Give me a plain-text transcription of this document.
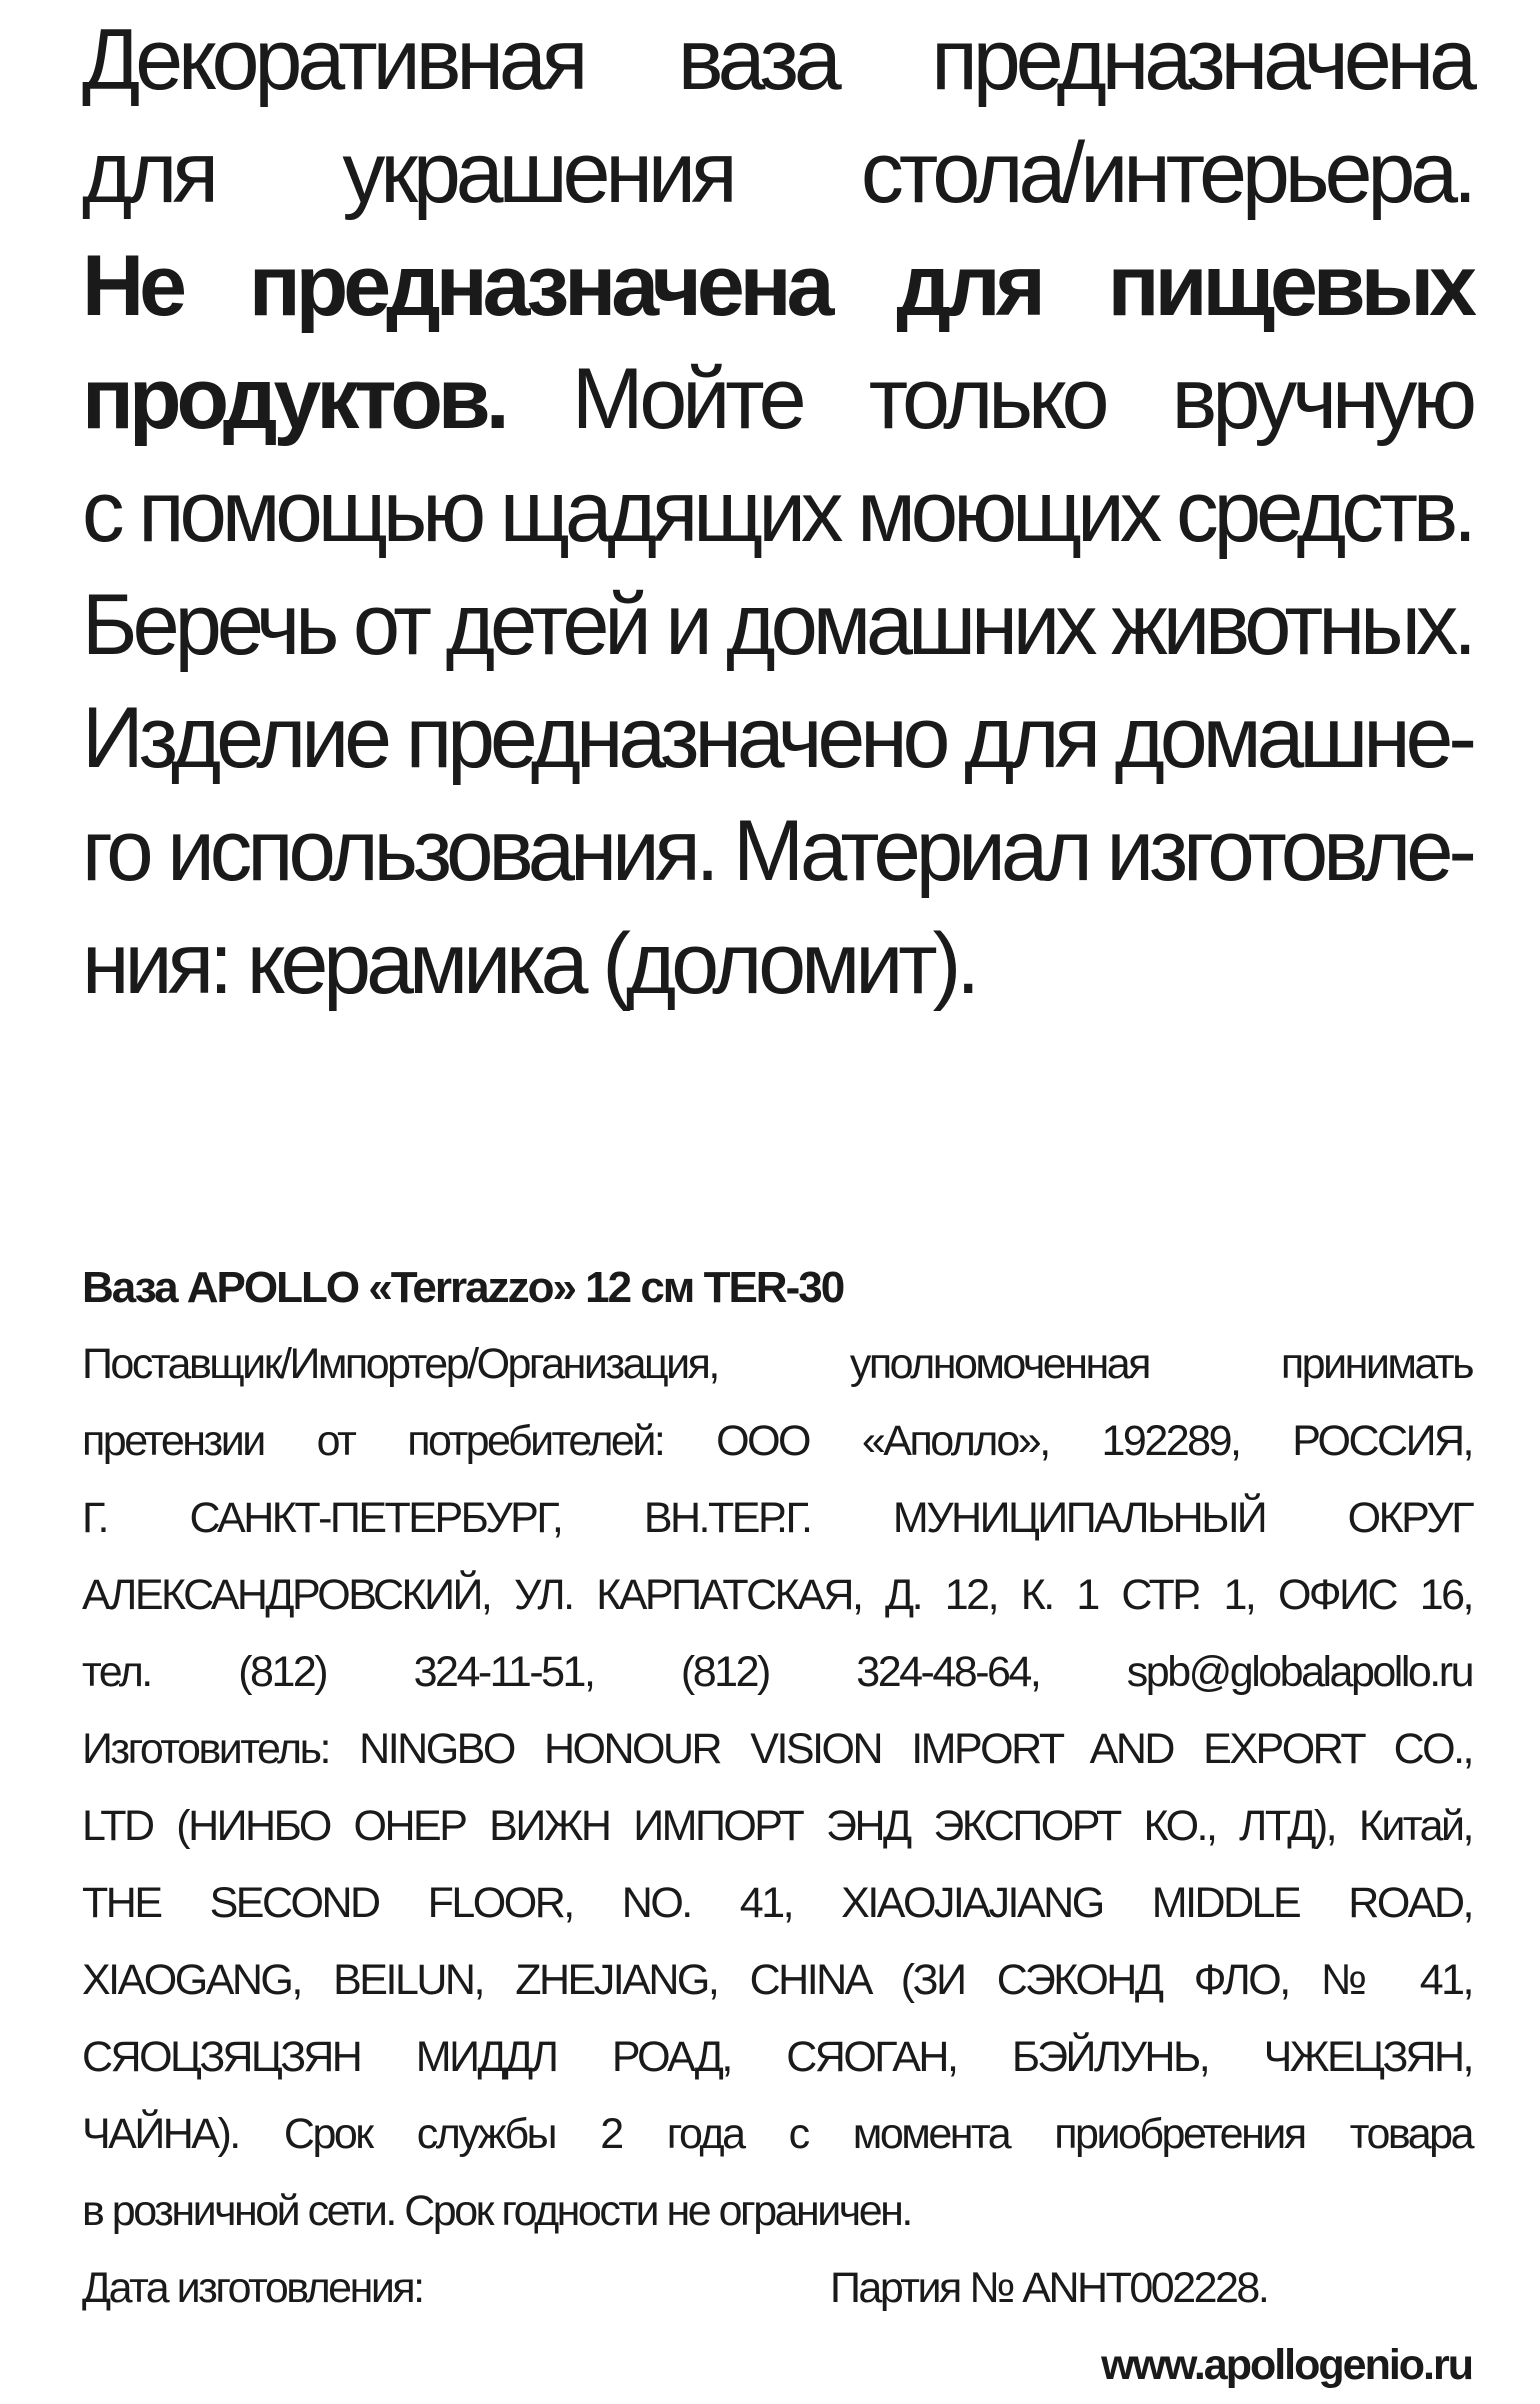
Декоративная ваза предназначена
для украшения стола/интерьера.
Не предназначена для пищевых
продуктов. Мойте только вручную
с помощью щадящих моющих средств.
Беречь от детей и домашних животных.
Изделие предназначено для домашне-
го использования. Материал изготовле-
ния: керамика (доломит).
Ваза APOLLO «Terrazzo» 12 см TER-30
Поставщик/Импортер/Организация, уполномоченная принимать
претензии от потребителей: ООО «Аполло», 192289, РОССИЯ,
Г. САНКТ-ПЕТЕРБУРГ, ВН.ТЕР.Г. МУНИЦИПАЛЬНЫЙ ОКРУГ
АЛЕКСАНДРОВСКИЙ, УЛ. КАРПАТСКАЯ, Д. 12, К. 1 СТР. 1, ОФИС 16,
тел. (812) 324-11-51, (812) 324-48-64, spb@globalapollo.ru
Изготовитель: NINGBO HONOUR VISION IMPORT AND EXPORT CO.,
LTD (НИНБО ОНЕР ВИЖН ИМПОРТ ЭНД ЭКСПОРТ КО., ЛТД), Китай,
THE SECOND FLOOR, NO. 41, XIAOJIAJIANG MIDDLE ROAD,
XIAOGANG, BEILUN, ZHEJIANG, CHINA (ЗИ СЭКОНД ФЛО, № 41,
СЯОЦЗЯЦЗЯН МИДДЛ РОАД, СЯОГАН, БЭЙЛУНЬ, ЧЖЕЦЗЯН,
ЧАЙНА). Срок службы 2 года с момента приобретения товара
в розничной сети. Срок годности не ограничен.
Дата изготовления:	Партия № ANHT002228.
www.apollogenio.ru
